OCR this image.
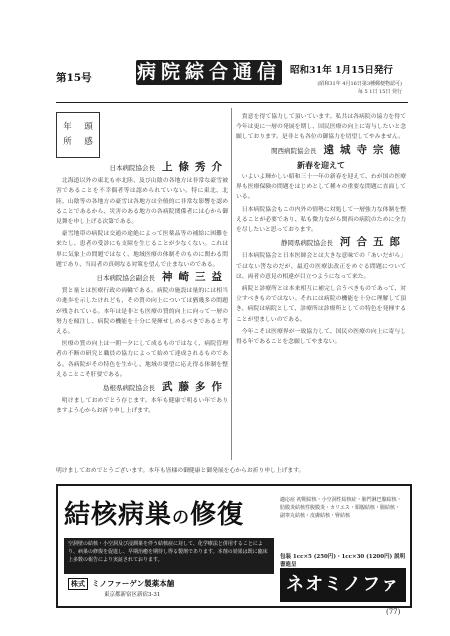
第15号 病院綜合通信 昭和31年 1月15日発行
(昭和31年 4月16日第3種郵便物認可)
毎 5 1日 15日 発行
年	頭
所	感
日本病院協会長 上條秀介

北海道以外の東北も亦北陸、及び山陰の各地方は非常な豪雪被害であることを不幸偶者等は認められていない。特に東北、北陸、山陰等の各地方の豪雪は各地方は全般的に非常な影響を認めることであるから、災害のある地方の各病院関係者には心から御見舞を申し上げる次第である。

豪雪地帯の病院は交通の途絶によって医薬品等の補給に困難を来たし、患者の受診にも支障を生じることが少なくない。これは単に気象上の問題ではなく、地域医療の体制そのものに関わる問題であり、当局者の真剣なる対策を望んで止まないのである。

日本病院協会副会長 神崎三益

質と量とは医療行政の両輪である。病院の施設は量的には相当の進歩を示したけれども、その質の向上については猶幾多の問題が残されている。本年は是非とも医療の質的向上に向って一層の努力を傾注し、病院の機能を十分に発揮せしめるべきであると考える。

医療の質の向上は一朝一夕にして成るものではなく、病院管理者の不断の研究と職員の協力によって始めて達成されるものである。各病院がその特色を生かし、地域の要望に応え得る体制を整えることこそ肝要である。

島根県病院協会長 武藤多作

明けましておめでとう存じます。本年も健康で明るい年でありますよう心からお祈り申し上げます。

貴意を得て協力して頂いています。私共は各病院の協力を得て今年は更に一層の発展を期し、国民医療の向上に寄与したいと念願しております。是非とも各位の御協力を切望してやみません。

関西病院協会長 遠城寺宗徳
新春を迎えて

いよいよ輝かしい昭和三十一年の新春を迎えて、わが国の医療界も医療保険の問題をはじめとして種々の重要な問題に直面している。

日本病院協会もこの内外の情勢に対処して一層強力な体制を整えることが必要であり、私も微力ながら関西の病院のために全力を尽したいと思っております。

静岡県病院協会長 河合五郎

日本病院協会と日本医師会とは大きな意味での「あいだがら」ではない筈なのだが、最近の医療法改正をめぐる問題については、両者の意見の相違が目立つようになって来た。

病院と診療所とは本来相互に補完し合うべきものであって、対立すべきものではない。それには病院の機能を十分に理解して頂き、病院は病院として、診療所は診療所としての特色を発揮することが望ましいのである。

今年こそは医療界が一致協力して、国民の医療の向上に寄与し得る年であることを念願してやまない。

明けましておめでとうございます。本年も皆様の御健康と御発展を心からお祈り申し上げます。
結核病巣の修復	適応症 初期結核・小空洞性結核症・肺門淋巴腺結核・肋膜炎結核性腹膜炎・カリエス・頸腺結核・腸結核・副睾丸結核・皮膚結核・腎結核
空洞壁の結核・小空洞及び浸潤巣を伴う結核症に対して、化学療法と併用することにより、病巣の修復を促進し、早期治癒を期待し得る製剤であります。本剤の効果は既に臨床上多数の報告により実証されております。	包装 1cc×5 (250円)・1cc×30 (1200円) 説明書進呈
株式 ミノファーゲン製薬本舗
東京都新宿区新宿3-31	ネオミノファーゲンA.T
(77)
